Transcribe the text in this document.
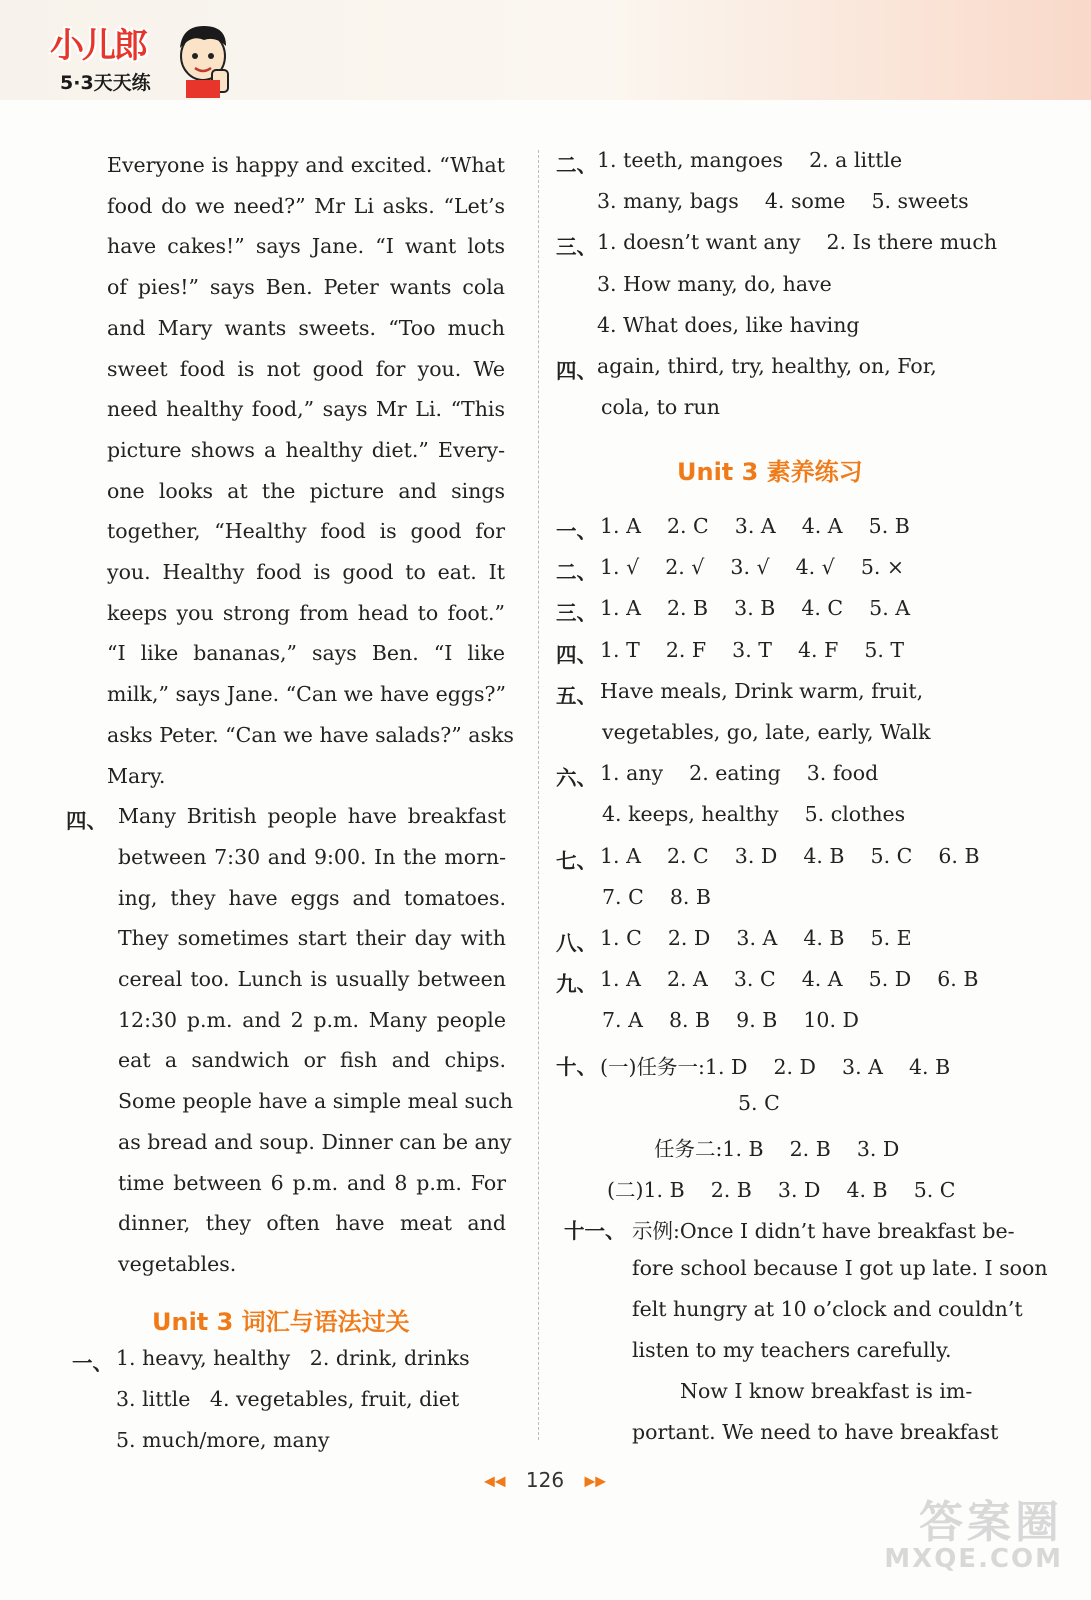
小儿郎
5·3天天练
Everyone is happy and excited. “What
food do we need?” Mr Li asks. “Let’s
have cakes!” says Jane. “I want lots
of pies!” says Ben. Peter wants cola
and Mary wants sweets. “Too much
sweet food is not good for you. We
need healthy food,” says Mr Li. “This
picture shows a healthy diet.” Every-
one looks at the picture and sings
together, “Healthy food is good for
you. Healthy food is good to eat. It
keeps you strong from head to foot.”
“I like bananas,” says Ben. “I like
milk,” says Jane. “Can we have eggs?”
asks Peter. “Can we have salads?” asks
Mary.
四、 Many British people have breakfast
between 7:30 and 9:00. In the morn-
ing, they have eggs and tomatoes.
They sometimes start their day with
cereal too. Lunch is usually between
12:30 p.m. and 2 p.m. Many people
eat a sandwich or fish and chips.
Some people have a simple meal such
as bread and soup. Dinner can be any
time between 6 p.m. and 8 p.m. For
dinner, they often have meat and
vegetables.
Unit 3 词汇与语法过关
一、 1. heavy, healthy   2. drink, drinks
3. little   4. vegetables, fruit, diet
5. much/more, many
二、 1. teeth, mangoes    2. a little
3. many, bags    4. some    5. sweets
三、 1. doesn’t want any    2. Is there much
3. How many, do, have
4. What does, like having
四、 again, third, try, healthy, on, For,
cola, to run
Unit 3 素养练习
一、 1. A    2. C    3. A    4. A    5. B
二、 1. √    2. √    3. √    4. √    5. ×
三、 1. A    2. B    3. B    4. C    5. A
四、 1. T    2. F    3. T    4. F    5. T
五、 Have meals, Drink warm, fruit,
vegetables, go, late, early, Walk
六、 1. any    2. eating    3. food
4. keeps, healthy    5. clothes
七、 1. A    2. C    3. D    4. B    5. C    6. B
7. C    8. B
八、 1. C    2. D    3. A    4. B    5. E
九、 1. A    2. A    3. C    4. A    5. D    6. B
7. A    8. B    9. B    10. D
十、 (一)任务一:1. D    2. D    3. A    4. B
5. C
任务二:1. B    2. B    3. D
(二)1. B    2. B    3. D    4. B    5. C
十一、 示例:Once I didn’t have breakfast be-
fore school because I got up late. I soon
felt hungry at 10 o’clock and couldn’t
listen to my teachers carefully.
Now I know breakfast is im-
portant. We need to have breakfast
◀◀ 126 ▶▶
答案圈
MXQE.COM
